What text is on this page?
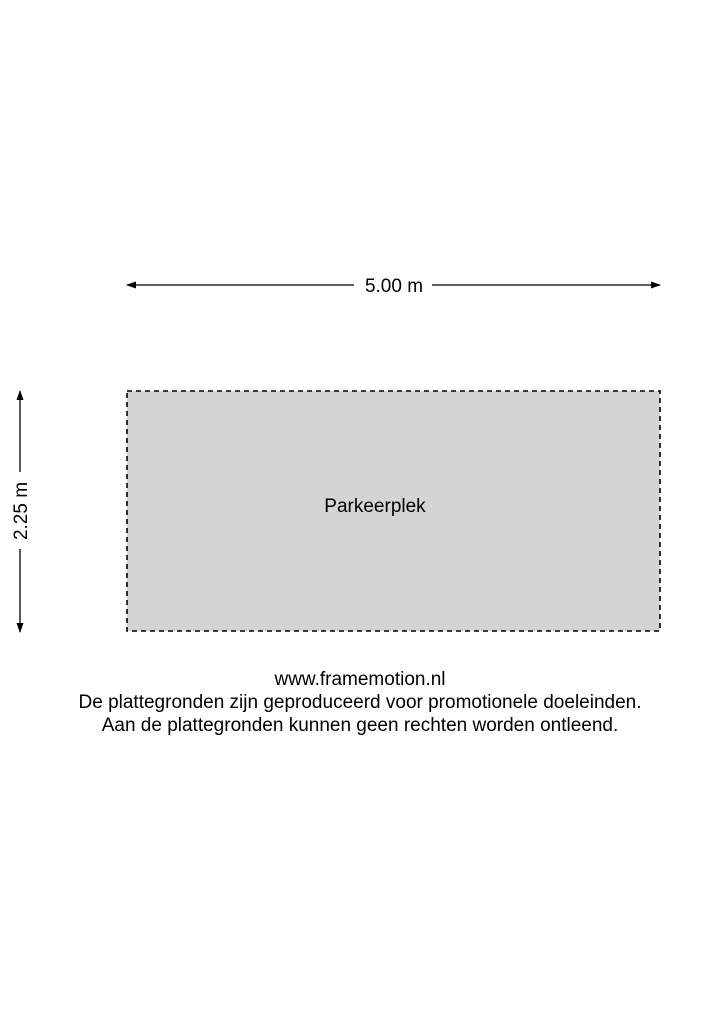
5.00 m
2.25 m	Parkeerplek
www.framemotion.nl
De plattegronden zijn geproduceerd voor promotionele doeleinden.
Aan de plattegronden kunnen geen rechten worden ontleend.
